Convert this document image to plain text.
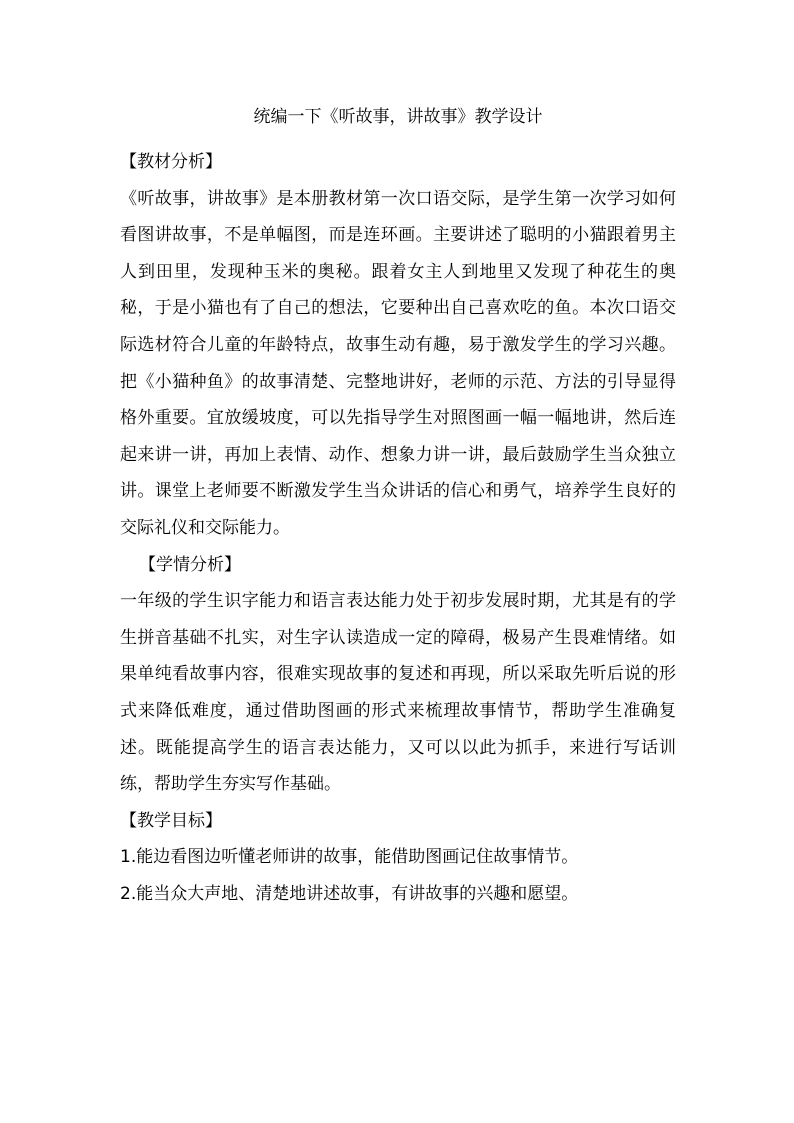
统编一下《听故事，讲故事》教学设计

【教材分析】

《听故事，讲故事》是本册教材第一次口语交际，是学生第一次学习如何看图讲故事，不是单幅图，而是连环画。主要讲述了聪明的小猫跟着男主人到田里，发现种玉米的奥秘。跟着女主人到地里又发现了种花生的奥秘，于是小猫也有了自己的想法，它要种出自己喜欢吃的鱼。本次口语交际选材符合儿童的年龄特点，故事生动有趣，易于激发学生的学习兴趣。把《小猫种鱼》的故事清楚、完整地讲好，老师的示范、方法的引导显得格外重要。宜放缓坡度，可以先指导学生对照图画一幅一幅地讲，然后连起来讲一讲，再加上表情、动作、想象力讲一讲，最后鼓励学生当众独立讲。课堂上老师要不断激发学生当众讲话的信心和勇气，培养学生良好的交际礼仪和交际能力。

【学情分析】

一年级的学生识字能力和语言表达能力处于初步发展时期，尤其是有的学生拼音基础不扎实，对生字认读造成一定的障碍，极易产生畏难情绪。如果单纯看故事内容，很难实现故事的复述和再现，所以采取先听后说的形式来降低难度，通过借助图画的形式来梳理故事情节，帮助学生准确复述。既能提高学生的语言表达能力，又可以以此为抓手，来进行写话训练，帮助学生夯实写作基础。

【教学目标】

1.能边看图边听懂老师讲的故事，能借助图画记住故事情节。

2.能当众大声地、清楚地讲述故事，有讲故事的兴趣和愿望。
